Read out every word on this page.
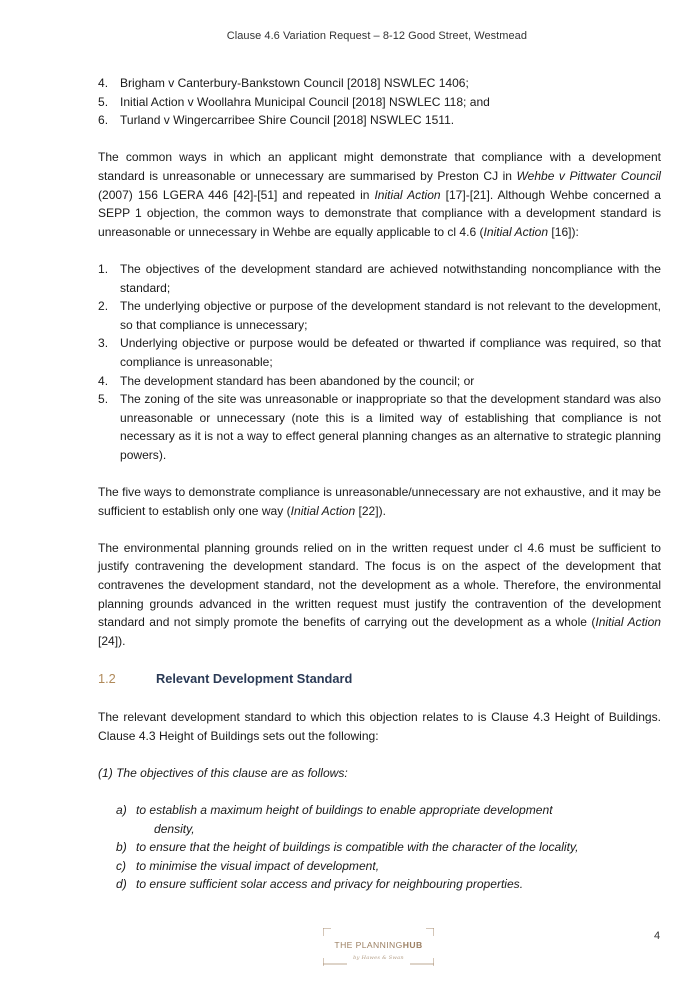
Clause 4.6 Variation Request – 8-12 Good Street, Westmead
4. Brigham v Canterbury-Bankstown Council [2018] NSWLEC 1406;
5. Initial Action v Woollahra Municipal Council [2018] NSWLEC 118; and
6. Turland v Wingercarribee Shire Council [2018] NSWLEC 1511.

The common ways in which an applicant might demonstrate that compliance with a development standard is unreasonable or unnecessary are summarised by Preston CJ in Wehbe v Pittwater Council (2007) 156 LGERA 446 [42]-[51] and repeated in Initial Action [17]-[21]. Although Wehbe concerned a SEPP 1 objection, the common ways to demonstrate that compliance with a development standard is unreasonable or unnecessary in Wehbe are equally applicable to cl 4.6 (Initial Action [16]):

1. The objectives of the development standard are achieved notwithstanding noncompliance with the standard;
2. The underlying objective or purpose of the development standard is not relevant to the development, so that compliance is unnecessary;
3. Underlying objective or purpose would be defeated or thwarted if compliance was required, so that compliance is unreasonable;
4. The development standard has been abandoned by the council; or
5. The zoning of the site was unreasonable or inappropriate so that the development standard was also unreasonable or unnecessary (note this is a limited way of establishing that compliance is not necessary as it is not a way to effect general planning changes as an alternative to strategic planning powers).

The five ways to demonstrate compliance is unreasonable/unnecessary are not exhaustive, and it may be sufficient to establish only one way (Initial Action [22]).

The environmental planning grounds relied on in the written request under cl 4.6 must be sufficient to justify contravening the development standard. The focus is on the aspect of the development that contravenes the development standard, not the development as a whole. Therefore, the environmental planning grounds advanced in the written request must justify the contravention of the development standard and not simply promote the benefits of carrying out the development as a whole (Initial Action [24]).

1.2	Relevant Development Standard

The relevant development standard to which this objection relates to is Clause 4.3 Height of Buildings. Clause 4.3 Height of Buildings sets out the following:

(1) The objectives of this clause are as follows:

a) to establish a maximum height of buildings to enable appropriate development
density,
b) to ensure that the height of buildings is compatible with the character of the locality,
c) to minimise the visual impact of development,
d) to ensure sufficient solar access and privacy for neighbouring properties.
THE PLANNINGHUB
by Hawes & Swan
4
